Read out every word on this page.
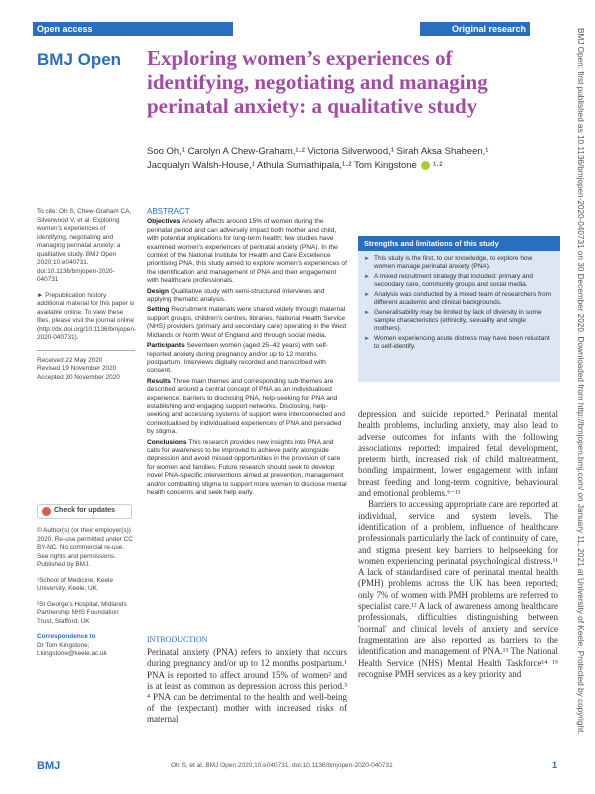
Open access	Original research
BMJ Open Exploring women’s experiences of identifying, negotiating and managing perinatal anxiety: a qualitative study
Soo Oh,¹ Carolyn A Chew-Graham,¹·² Victoria Silverwood,¹ Sirah Aksa Shaheen,¹
Jacqualyn Walsh-House,¹ Athula Sumathipala,¹·² Tom Kingstone ¹·²

To cite: Oh S, Chew-Graham CA, Silverwood V, et al. Exploring women's experiences of identifying, negotiating and managing perinatal anxiety: a qualitative study. BMJ Open 2020;10:e040731. doi:10.1136/bmjopen-2020-040731

► Prepublication history additional material for this paper is available online. To view these files, please visit the journal online (http://dx.doi.org/10.1136/bmjopen-2020-040731).

Received 22 May 2020
Revised 19 November 2020
Accepted 30 November 2020
Check for updates

© Author(s) (or their employer(s)) 2020. Re-use permitted under CC BY-NC. No commercial re-use. See rights and permissions. Published by BMJ.

¹School of Medicine, Keele University, Keele, UK

²St George's Hospital, Midlands Partnership NHS Foundation Trust, Stafford, UK

Correspondence to
Dr Tom Kingstone;
t.kingstone@keele.ac.uk
ABSTRACT

Objectives Anxiety affects around 15% of women during the perinatal period and can adversely impact both mother and child, with potential implications for long-term health; few studies have examined women's experiences of perinatal anxiety (PNA). In the context of the National Institute for Health and Care Excellence prioritising PNA, this study aimed to explore women's experiences of the identification and management of PNA and their engagement with healthcare professionals.

Design Qualitative study with semi-structured interviews and applying thematic analysis.

Setting Recruitment materials were shared widely through maternal support groups, children's centres, libraries, National Health Service (NHS) providers (primary and secondary care) operating in the West Midlands or North West of England and through social media.

Participants Seventeen women (aged 25–42 years) with self-reported anxiety during pregnancy and/or up to 12 months postpartum. Interviews digitally recorded and transcribed with consent.

Results Three main themes and corresponding sub-themes are described around a central concept of PNA as an individualised experience: barriers to disclosing PNA, help-seeking for PNA and establishing and engaging support networks. Disclosing, help-seeking and accessing systems of support were interconnected and contextualised by individualised experiences of PNA and pervaded by stigma.

Conclusions This research provides new insights into PNA and calls for awareness to be improved to achieve parity alongside depression and avoid missed opportunities in the provision of care for women and families. Future research should seek to develop novel PNA-specific interventions aimed at prevention, management and/or combatting stigma to support more women to disclose mental health concerns and seek help early.

INTRODUCTION

Perinatal anxiety (PNA) refers to anxiety that occurs during pregnancy and/or up to 12 months postpartum.¹ PNA is reported to affect around 15% of women² and is at least as common as depression across this period.³ ⁴ PNA can be detrimental to the health and well-being of the (expectant) mother with increased risks of maternal

Strengths and limitations of this study
► This study is the first, to our knowledge, to explore how women manage perinatal anxiety (PNA).
► A mixed recruitment strategy that included: primary and secondary care, community groups and social media.
► Analysis was conducted by a mixed team of researchers from different academic and clinical backgrounds.
► Generalisability may be limited by lack of diversity in some sample characteristics (ethnicity, sexuality and single mothers).
► Women experiencing acute distress may have been reluctant to self-identify.

depression and suicide reported.⁵ Perinatal mental health problems, including anxiety, may also lead to adverse outcomes for infants with the following associations reported: impaired fetal development, preterm birth, increased risk of child maltreatment, bonding impairment, lower engagement with infant breast feeding and long-term cognitive, behavioural and emotional problems.⁶⁻¹¹

Barriers to accessing appropriate care are reported at individual, service and system levels. The identification of a problem, influence of healthcare professionals particularly the lack of continuity of care, and stigma present key barriers to helpseeking for women experiencing perinatal psychological distress.¹¹ A lack of standardised care of perinatal mental health (PMH) problems across the UK has been reported; only 7% of women with PMH problems are referred to specialist care.¹² A lack of awareness among healthcare professionals, difficulties distinguishing between 'normal' and clinical levels of anxiety and service fragmentation are also reported as barriers to the identification and management of PNA.¹³ The National Health Service (NHS) Mental Health Taskforce¹⁴ ¹⁵ recognise PMH services as a key priority and	BMJ Open: first published as 10.1136/bmjopen-2020-040731 on 30 December 2020. Downloaded from http://bmjopen.bmj.com/ on January 11, 2021 at University of Keele. Protected by copyright.
BMJ	Oh S, et al. BMJ Open 2020;10:e040731. doi:10.1136/bmjopen-2020-040731	1
